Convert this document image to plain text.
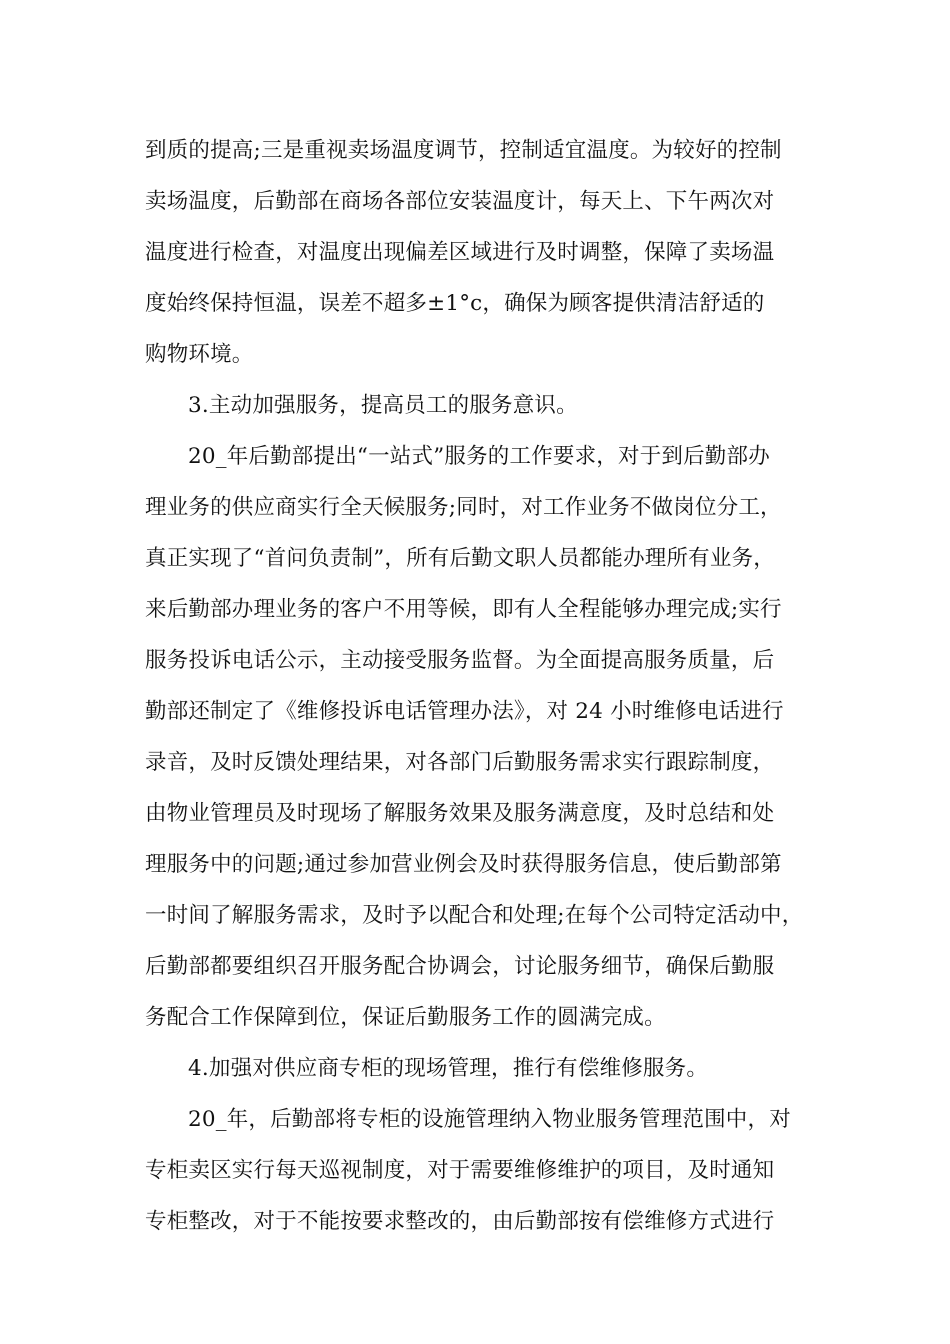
到质的提高;三是重视卖场温度调节，控制适宜温度。为较好的控制
卖场温度，后勤部在商场各部位安装温度计，每天上、下午两次对
温度进行检查，对温度出现偏差区域进行及时调整，保障了卖场温
度始终保持恒温，误差不超多±1°c，确保为顾客提供清洁舒适的
购物环境。
3.主动加强服务，提高员工的服务意识。
20_年后勤部提出“一站式”服务的工作要求，对于到后勤部办
理业务的供应商实行全天候服务;同时，对工作业务不做岗位分工，
真正实现了“首问负责制”，所有后勤文职人员都能办理所有业务，
来后勤部办理业务的客户不用等候，即有人全程能够办理完成;实行
服务投诉电话公示，主动接受服务监督。为全面提高服务质量，后
勤部还制定了《维修投诉电话管理办法》，对 24 小时维修电话进行
录音，及时反馈处理结果，对各部门后勤服务需求实行跟踪制度，
由物业管理员及时现场了解服务效果及服务满意度，及时总结和处
理服务中的问题;通过参加营业例会及时获得服务信息，使后勤部第
一时间了解服务需求，及时予以配合和处理;在每个公司特定活动中，
后勤部都要组织召开服务配合协调会，讨论服务细节，确保后勤服
务配合工作保障到位，保证后勤服务工作的圆满完成。
4.加强对供应商专柜的现场管理，推行有偿维修服务。
20_年，后勤部将专柜的设施管理纳入物业服务管理范围中，对
专柜卖区实行每天巡视制度，对于需要维修维护的项目，及时通知
专柜整改，对于不能按要求整改的，由后勤部按有偿维修方式进行
